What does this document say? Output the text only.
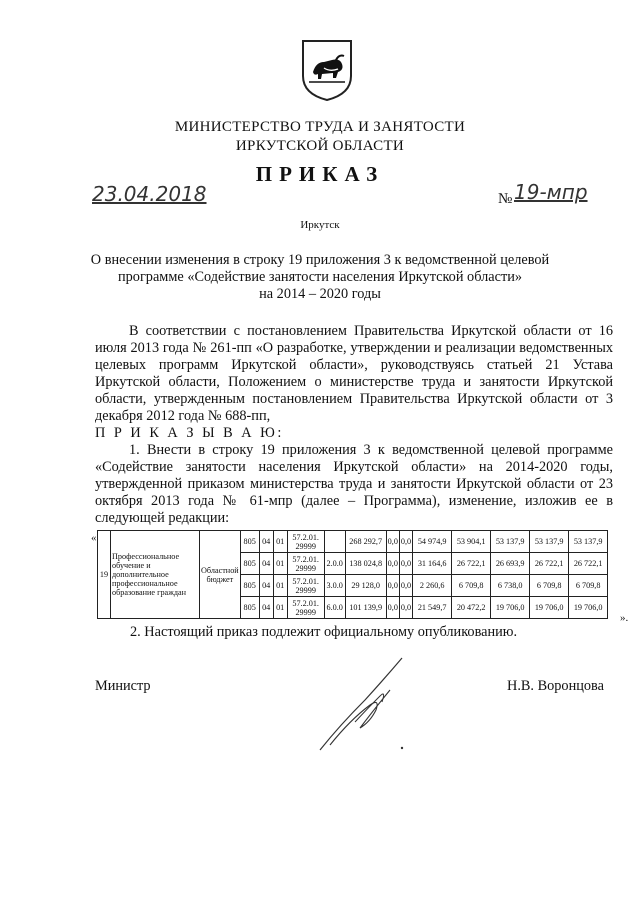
МИНИСТЕРСТВО ТРУДА И ЗАНЯТОСТИ
ИРКУТСКОЙ ОБЛАСТИ
ПРИКАЗ
23.04.2018	№ 19-мпр
Иркутск
О внесении изменения в строку 19 приложения 3 к ведомственной целевой
программе «Содействие занятости населения Иркутской области»
на 2014 – 2020 годы
В соответствии с постановлением Правительства Иркутской области от 16 июля 2013 года № 261-пп «О разработке, утверждении и реализации ведомственных целевых программ Иркутской области», руководствуясь статьей 21 Устава Иркутской области, Положением о министерстве труда и занятости Иркутской области, утвержденным постановлением Правительства Иркутской области от 3 декабря 2012 года № 688-пп,
П Р И К А З Ы В А Ю:
1. Внести в строку 19 приложения 3 к ведомственной целевой программе «Содействие занятости населения Иркутской области» на 2014-2020 годы, утвержденной приказом министерства труда и занятости Иркутской области от 23 октября 2013 года № 61-мпр (далее – Программа), изменение, изложив ее в следующей редакции:
«
19	Профессиональное обучение и дополнительное профессиональное образование граждан	Областной бюджет	805	04	01	57.2.01. 29999		268 292,7	0,0	0,0	54 974,9	53 904,1	53 137,9	53 137,9	53 137,9
			805	04	01	57.2.01. 29999	2.0.0	138 024,8	0,0	0,0	31 164,6	26 722,1	26 693,9	26 722,1	26 722,1
			805	04	01	57.2.01. 29999	3.0.0	29 128,0	0,0	0,0	2 260,6	6 709,8	6 738,0	6 709,8	6 709,8
			805	04	01	57.2.01. 29999	6.0.0	101 139,9	0,0	0,0	21 549,7	20 472,2	19 706,0	19 706,0	19 706,0
».
2. Настоящий приказ подлежит официальному опубликованию.
Министр	Н.В. Воронцова
